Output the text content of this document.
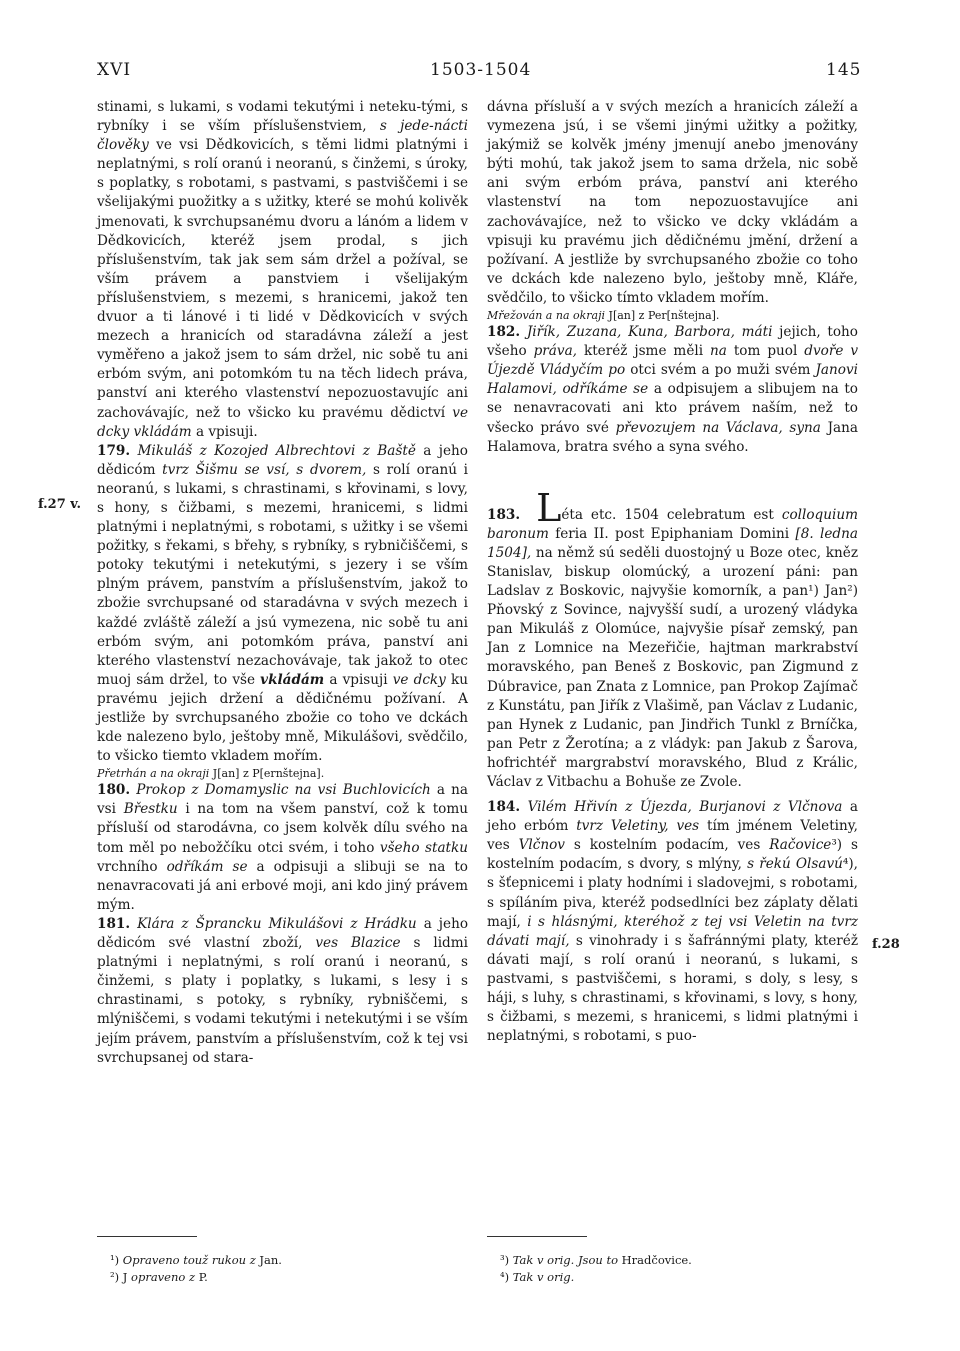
XVI	1503-1504	145
f.27 v.
f.28

stinami, s lukami, s vodami tekutými i neteku-tými, s rybníky i se vším příslušenstviem, s jede-nácti člověky ve vsi Dědkovicích, s těmi lidmi platnými i neplatnými, s rolí oranú i neoranú, s činžemi, s úroky, s poplatky, s robotami, s pastvami, s pastviščemi i se všelijakými puožitky a s užitky, které se mohú kolivěk jmenovati, k svrchupsanému dvoru a lánóm a lidem v Dědkovicích, kteréž jsem prodal, s jich příslušenstvím, tak jak sem sám držel a požíval, se vším právem a panstviem i všelijakým příslušenstviem, s mezemi, s hranicemi, jakož ten dvuor a ti lánové i ti lidé v Dědkovicích v svých mezech a hranicích od staradávna záleží a jest vyměřeno a jakož jsem to sám držel, nic sobě tu ani erbóm svým, ani potomkóm tu na těch lidech práva, panství ani kterého vlastenství nepozuostavujíc ani zachovávajíc, než to všicko ku pravému dědictví ve dcky vkládám a vpisuji.

179. Mikuláš z Kozojed Albrechtovi z Baště a jeho dědicóm tvrz Šišmu se vsí, s dvorem, s rolí oranú i neoranú, s lukami, s chrastinami, s křovinami, s lovy, s hony, s čižbami, s mezemi, hranicemi, s lidmi platnými i neplatnými, s robotami, s užitky i se všemi požitky, s řekami, s břehy, s rybníky, s rybničiščemi, s potoky tekutými i netekutými, s jezery i se vším plným právem, panstvím a příslušenstvím, jakož to zbožie svrchupsané od staradávna v svých mezech i každé zvláště záleží a jsú vymezena, nic sobě tu ani erbóm svým, ani potomkóm práva, panství ani kterého vlastenství nezachovávaje, tak jakož to otec muoj sám držel, to vše vkládám a vpisuji ve dcky ku pravému jejich držení a dědičnému požívaní. A jestliže by svrchupsaného zbožie co toho ve dckách kde nalezeno bylo, ještoby mně, Mikulášovi, svědčilo, to všicko tiemto vkladem mořím.

Přetrhán a na okraji J[an] z P[ernštejna].

180. Prokop z Domamyslic na vsi Buchlovicích a na vsi Břestku i na tom na všem panství, což k tomu přísluší od starodávna, co jsem kolvěk dílu svého na tom měl po nebožčíku otci svém, i toho všeho statku vrchního odříkám se a odpisuji a slibuji se na to nenavracovati já ani erbové moji, ani kdo jiný právem mým.

181. Klára z Šprancku Mikulášovi z Hrádku a jeho dědicóm své vlastní zboží, ves Blazice s lidmi platnými i neplatnými, s rolí oranú i neoranú, s činžemi, s platy i poplatky, s lukami, s lesy i s chrastinami, s potoky, s rybníky, rybniščemi, s mlýniščemi, s vodami tekutými i netekutými i se vším jejím právem, panstvím a příslušenstvím, což k tej vsi svrchupsanej od stara-

dávna přísluší a v svých mezích a hranicích záleží a vymezena jsú, i se všemi jinými užitky a požitky, jakýmiž se kolvěk jmény jmenují anebo jmenovány býti mohú, tak jakož jsem to sama držela, nic sobě ani svým erbóm práva, panství ani kterého vlastenství na tom nepozuostavujíce ani zachovávajíce, než to všicko ve dcky vkládám a vpisuji ku pravému jich dědičnému jmění, držení a požívaní. A jestliže by svrchupsaného zbožie co toho ve dckách kde nalezeno bylo, ještoby mně, Kláře, svědčilo, to všicko tímto vkladem mořím.

Mřežován a na okraji J[an] z Per[nštejna].

182. Jiřík, Zuzana, Kuna, Barbora, máti jejich, toho všeho práva, kteréž jsme měli na tom puol dvoře v Újezdě Vládyčím po otci svém a po muži svém Janovi Halamovi, odříkáme se a odpisujem a slibujem na to se nenavracovati ani kto právem naším, než to všecko právo své převozujem na Václava, syna Jana Halamova, bratra svého a syna svého.

183. Léta etc. 1504 celebratum est colloquium baronum feria II. post Epiphaniam Domini [8. ledna 1504], na němž sú seděli duostojný u Boze otec, kněz Stanislav, biskup olomúcký, a urození páni: pan Ladslav z Boskovic, najvyšie komorník, a pan¹) Jan²) Pňovský z Sovince, najvyšší sudí, a urozený vládyka pan Mikuláš z Olomúce, najvyšie písař zemský, pan Jan z Lomnice na Mezeřičie, hajtman markrabství moravského, pan Beneš z Boskovic, pan Zigmund z Dúbravice, pan Znata z Lomnice, pan Prokop Zajímač z Kunstátu, pan Jiřík z Vlašimě, pan Václav z Ludanic, pan Hynek z Ludanic, pan Jindřich Tunkl z Brníčka, pan Petr z Žerotína; a z vládyk: pan Jakub z Šarova, hofrichtéř margrabství moravského, Blud z Králic, Václav z Vitbachu a Bohuše ze Zvole.

184. Vilém Hřivín z Újezda, Burjanovi z Vlčnova a jeho erbóm tvrz Veletiny, ves tím jménem Veletiny, ves Vlčnov s kostelním podacím, ves Račovice³) s kostelním podacím, s dvory, s mlýny, s řekú Olsavú⁴), s šťepnicemi i platy hodními i sladovejmi, s robotami, s spíláním piva, kteréž podsedlníci bez záplaty dělati mají, i s hlásnými, kteréhož z tej vsi Veletin na tvrz dávati mají, s vinohrady i s šafránnými platy, kteréž dávati mají, s rolí oranú i neoranú, s lukami, s pastvami, s pastviščemi, s horami, s doly, s lesy, s háji, s luhy, s chrastinami, s křovinami, s lovy, s hony, s čižbami, s mezemi, s hranicemi, s lidmi platnými i neplatnými, s robotami, s puo-

¹) Opraveno touž rukou z Jan.
²) J opraveno z P.
³) Tak v orig. Jsou to Hradčovice.
⁴) Tak v orig.
